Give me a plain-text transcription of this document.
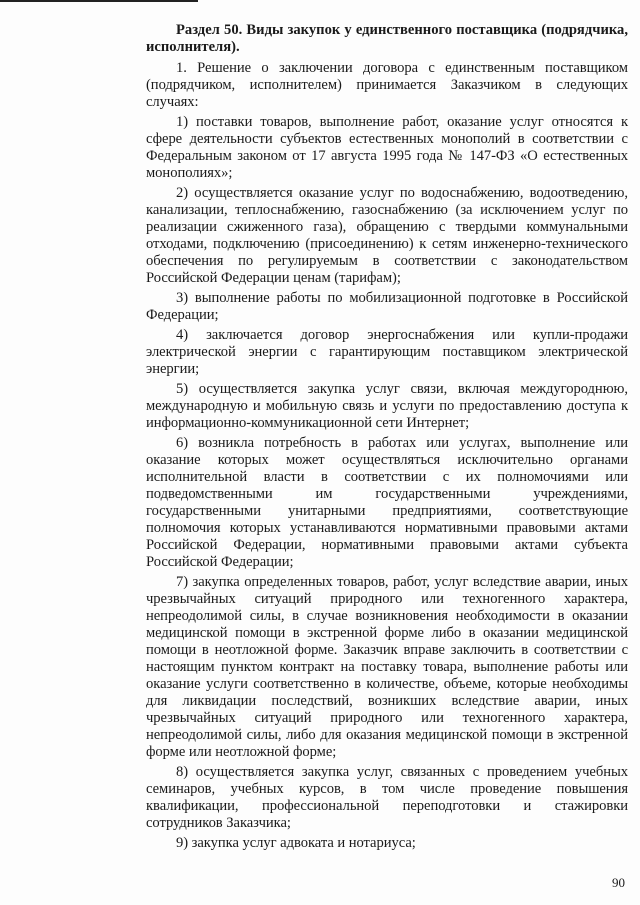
Раздел 50. Виды закупок у единственного поставщика (подрядчика, исполнителя).

1. Решение о заключении договора с единственным поставщиком (подрядчиком, исполнителем) принимается Заказчиком в следующих случаях:

1) поставки товаров, выполнение работ, оказание услуг относятся к сфере деятельности субъектов естественных монополий в соответствии с Федеральным законом от 17 августа 1995 года № 147-ФЗ «О естественных монополиях»;

2) осуществляется оказание услуг по водоснабжению, водоотведению, канализации, теплоснабжению, газоснабжению (за исключением услуг по реализации сжиженного газа), обращению с твердыми коммунальными отходами, подключению (присоединению) к сетям инженерно-технического обеспечения по регулируемым в соответствии с законодательством Российской Федерации ценам (тарифам);

3) выполнение работы по мобилизационной подготовке в Российской Федерации;

4) заключается договор энергоснабжения или купли-продажи электрической энергии с гарантирующим поставщиком электрической энергии;

5) осуществляется закупка услуг связи, включая междугороднюю, международную и мобильную связь и услуги по предоставлению доступа к информационно-коммуникационной сети Интернет;

6) возникла потребность в работах или услугах, выполнение или оказание которых может осуществляться исключительно органами исполнительной власти в соответствии с их полномочиями или подведомственными им государственными учреждениями, государственными унитарными предприятиями, соответствующие полномочия которых устанавливаются нормативными правовыми актами Российской Федерации, нормативными правовыми актами субъекта Российской Федерации;

7) закупка определенных товаров, работ, услуг вследствие аварии, иных чрезвычайных ситуаций природного или техногенного характера, непреодолимой силы, в случае возникновения необходимости в оказании медицинской помощи в экстренной форме либо в оказании медицинской помощи в неотложной форме. Заказчик вправе заключить в соответствии с настоящим пунктом контракт на поставку товара, выполнение работы или оказание услуги соответственно в количестве, объеме, которые необходимы для ликвидации последствий, возникших вследствие аварии, иных чрезвычайных ситуаций природного или техногенного характера, непреодолимой силы, либо для оказания медицинской помощи в экстренной форме или неотложной форме;

8) осуществляется закупка услуг, связанных с проведением учебных семинаров, учебных курсов, в том числе проведение повышения квалификации, профессиональной переподготовки и стажировки сотрудников Заказчика;

9) закупка услуг адвоката и нотариуса;

90
